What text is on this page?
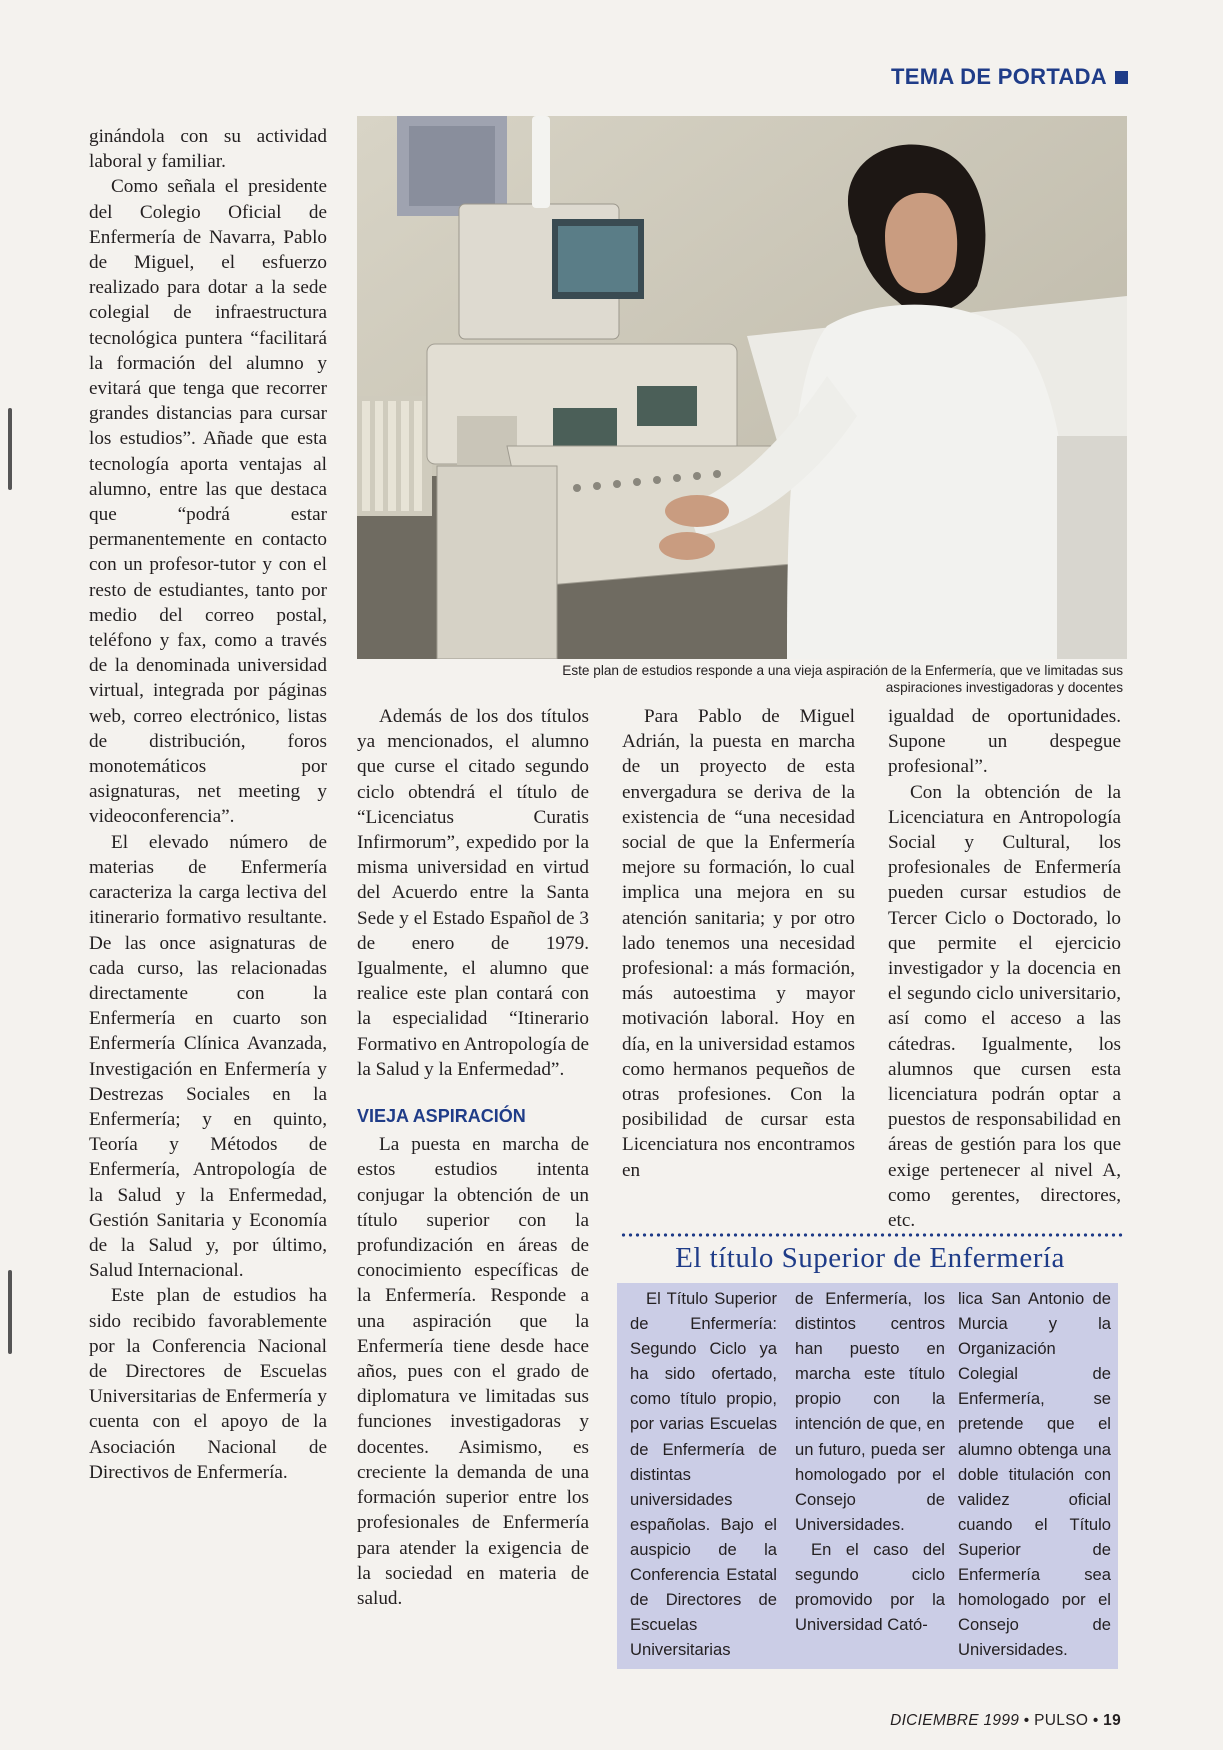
TEMA DE PORTADA
Este plan de estudios responde a una vieja aspiración de la Enfermería, que ve limitadas sus aspiraciones investigadoras y docentes

ginándola con su actividad laboral y familiar.

Como señala el presidente del Colegio Oficial de Enfermería de Navarra, Pablo de Miguel, el esfuerzo realizado para dotar a la sede colegial de infraestructura tecnológica puntera “facilitará la formación del alumno y evitará que tenga que recorrer grandes distancias para cursar los estudios”. Añade que esta tecnología aporta ventajas al alumno, entre las que destaca que “podrá estar permanentemente en contacto con un profesor-tutor y con el resto de estudiantes, tanto por medio del correo postal, teléfono y fax, como a través de la denominada universidad virtual, integrada por páginas web, correo electrónico, listas de distribución, foros monotemáticos por asignaturas, net meeting y videoconferencia”.

El elevado número de materias de Enfermería caracteriza la carga lectiva del itinerario formativo resultante. De las once asignaturas de cada curso, las relacionadas directamente con la Enfermería en cuarto son Enfermería Clínica Avanzada, Investigación en Enfermería y Destrezas Sociales en la Enfermería; y en quinto, Teoría y Métodos de Enfermería, Antropología de la Salud y la Enfermedad, Gestión Sanitaria y Economía de la Salud y, por último, Salud Internacional.

Este plan de estudios ha sido recibido favorablemente por la Conferencia Nacional de Directores de Escuelas Universitarias de Enfermería y cuenta con el apoyo de la Asociación Nacional de Directivos de Enfermería.

Además de los dos títulos ya mencionados, el alumno que curse el citado segundo ciclo obtendrá el título de “Licenciatus Curatis Infirmorum”, expedido por la misma universidad en virtud del Acuerdo entre la Santa Sede y el Estado Español de 3 de enero de 1979. Igualmente, el alumno que realice este plan contará con la especialidad “Itinerario Formativo en Antropología de la Salud y la Enfermedad”.

VIEJA ASPIRACIÓN

La puesta en marcha de estos estudios intenta conjugar la obtención de un título superior con la profundización en áreas de conocimiento específicas de la Enfermería. Responde a una aspiración que la Enfermería tiene desde hace años, pues con el grado de diplomatura ve limitadas sus funciones investigadoras y docentes. Asimismo, es creciente la demanda de una formación superior entre los profesionales de Enfermería para atender la exigencia de la sociedad en materia de salud.

Para Pablo de Miguel Adrián, la puesta en marcha de un proyecto de esta envergadura se deriva de la existencia de “una necesidad social de que la Enfermería mejore su formación, lo cual implica una mejora en su atención sanitaria; y por otro lado tenemos una necesidad profesional: a más formación, más autoestima y mayor motivación laboral. Hoy en día, en la universidad estamos como hermanos pequeños de otras profesiones. Con la posibilidad de cursar esta Licenciatura nos encontramos en

igualdad de oportunidades. Supone un despegue profesional”.

Con la obtención de la Licenciatura en Antropología Social y Cultural, los profesionales de Enfermería pueden cursar estudios de Tercer Ciclo o Doctorado, lo que permite el ejercicio investigador y la docencia en el segundo ciclo universitario, así como el acceso a las cátedras. Igualmente, los alumnos que cursen esta licenciatura podrán optar a puestos de responsabilidad en áreas de gestión para los que exige pertenecer al nivel A, como gerentes, directores, etc.

El título Superior de Enfermería

El Título Superior de Enfermería: Segundo Ciclo ya ha sido ofertado, como título propio, por varias Escuelas de Enfermería de distintas universidades españolas. Bajo el auspicio de la Conferencia Estatal de Directores de Escuelas Universitarias

de Enfermería, los distintos centros han puesto en marcha este título propio con la intención de que, en un futuro, pueda ser homologado por el Consejo de Universidades.

En el caso del segundo ciclo promovido por la Universidad Cató-

lica San Antonio de Murcia y la Organización Colegial de Enfermería, se pretende que el alumno obtenga una doble titulación con validez oficial cuando el Título Superior de Enfermería sea homologado por el Consejo de Universidades.

DICIEMBRE 1999 • PULSO • 19
